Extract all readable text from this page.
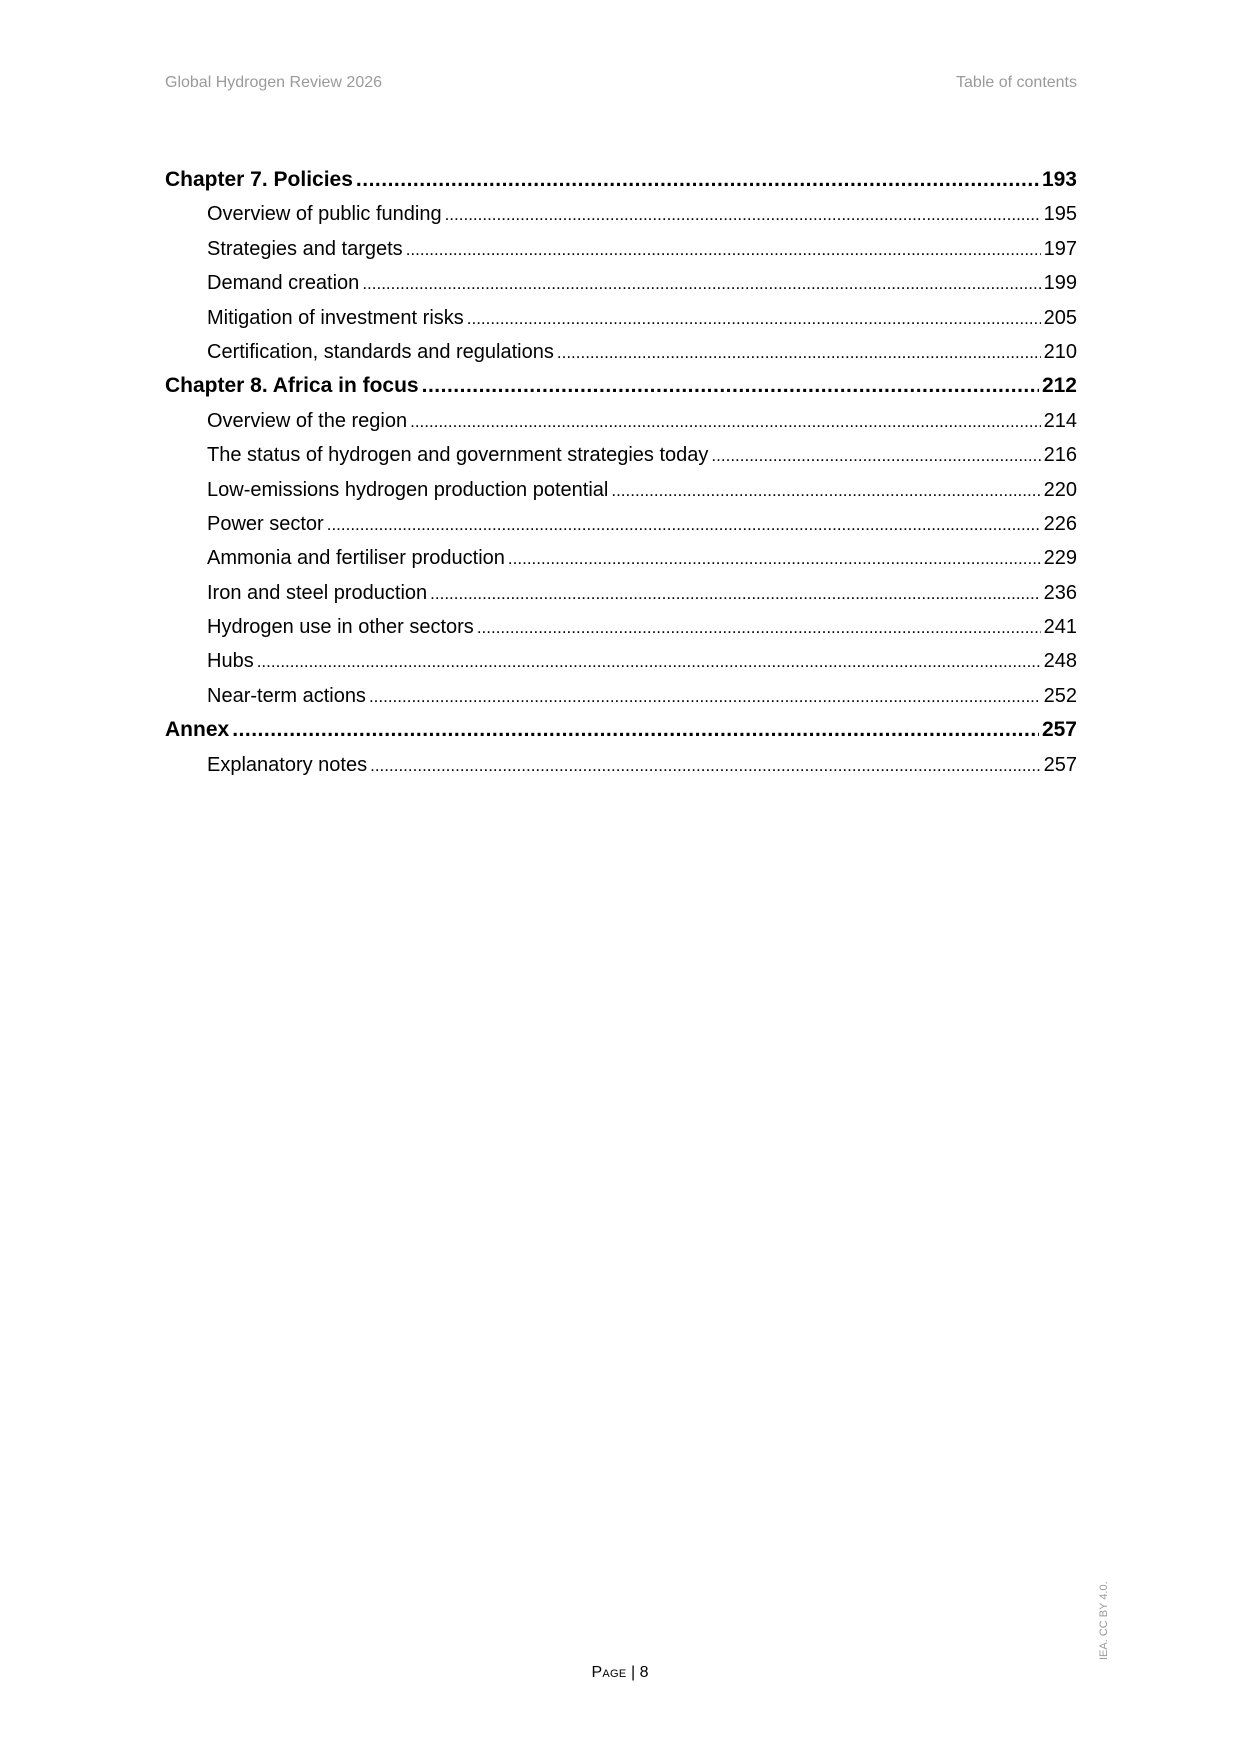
Global Hydrogen Review 2026	Table of contents
Chapter 7. Policies .....	193
Overview of public funding .....	195
Strategies and targets .....	197
Demand creation .....	199
Mitigation of investment risks .....	205
Certification, standards and regulations .....	210
Chapter 8. Africa in focus .....	212
Overview of the region .....	214
The status of hydrogen and government strategies today .....	216
Low-emissions hydrogen production potential .....	220
Power sector .....	226
Ammonia and fertiliser production .....	229
Iron and steel production .....	236
Hydrogen use in other sectors .....	241
Hubs .....	248
Near-term actions .....	252
Annex .....	257
Explanatory notes .....	257
Page | 8
IEA. CC BY 4.0.
